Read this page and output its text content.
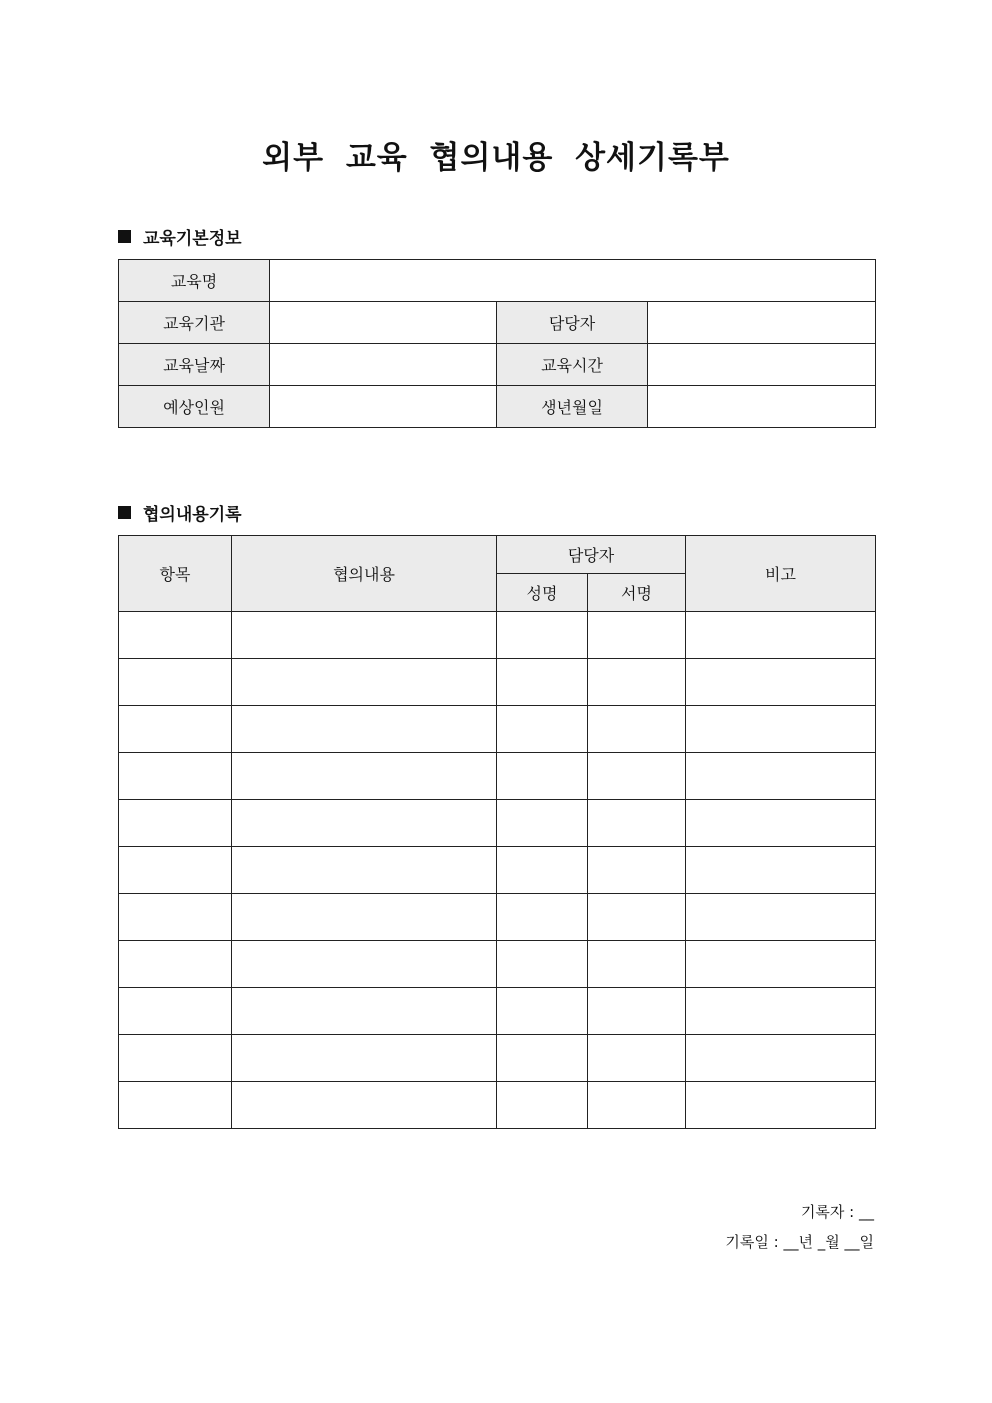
외부 교육 협의내용 상세기록부
교육기본정보
교육명			
교육기관		담당자	
교육날짜		교육시간	
예상인원		생년월일	
협의내용기록
항목	협의내용	담당자		비고
		성명	서명	

기록자 : __
기록일 : __년 _월 __일
